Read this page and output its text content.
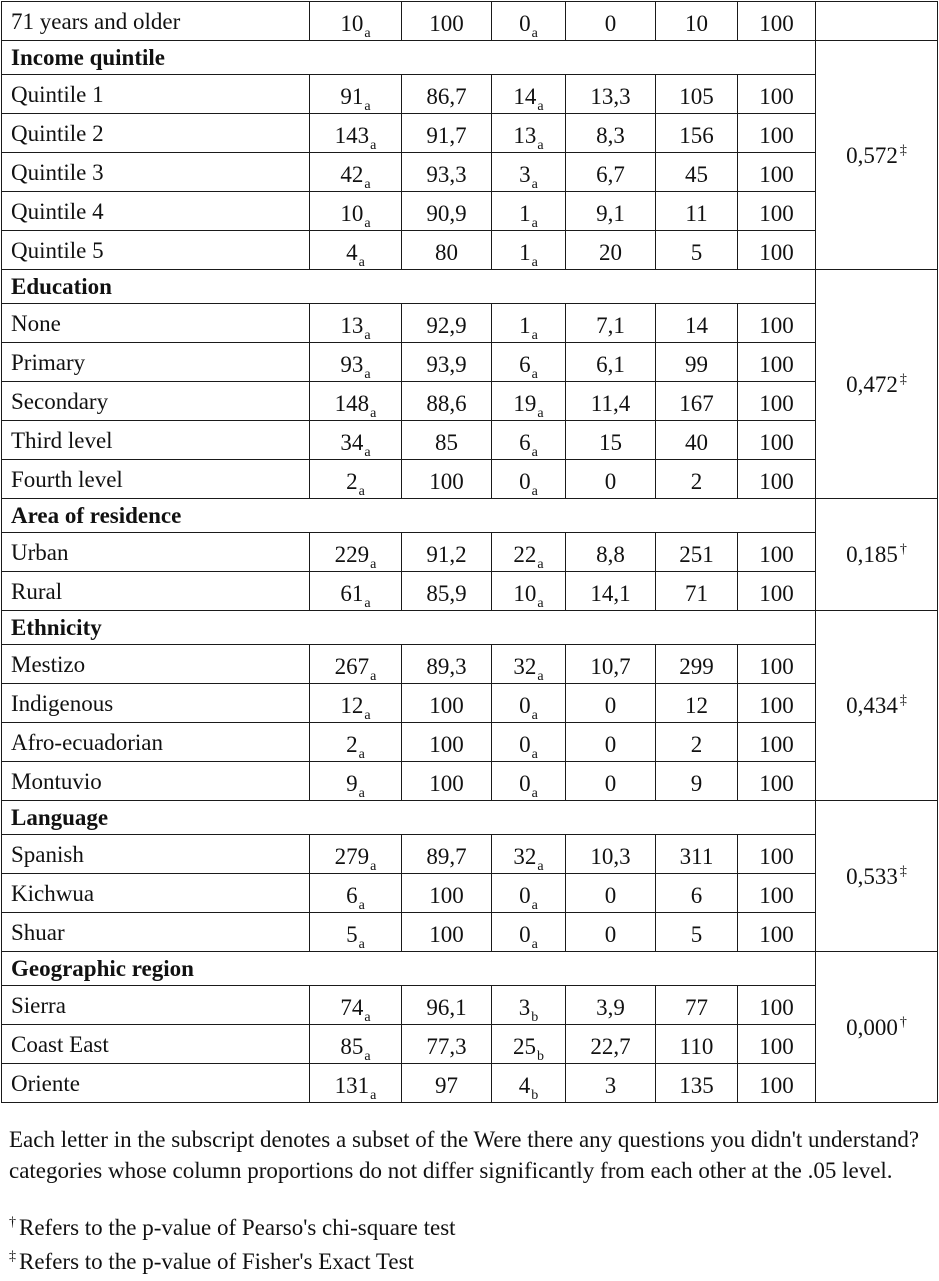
71 years and older	$10_a$	100	$0_a$	0	10	100	
Income quintile							0,572 ‡
Quintile 1	$91_a$	86,7	$14_a$	13,3	105	100	
Quintile 2	$143_a$	91,7	$13_a$	8,3	156	100	
Quintile 3	$42_a$	93,3	$3_a$	6,7	45	100	
Quintile 4	$10_a$	90,9	$1_a$	9,1	11	100	
Quintile 5	$4_a$	80	$1_a$	20	5	100	
Education							0,472 ‡
None	$13_a$	92,9	$1_a$	7,1	14	100	
Primary	$93_a$	93,9	$6_a$	6,1	99	100	
Secondary	$148_a$	88,6	$19_a$	11,4	167	100	
Third level	$34_a$	85	$6_a$	15	40	100	
Fourth level	$2_a$	100	$0_a$	0	2	100	
Area of residence							0,185 †
Urban	$229_a$	91,2	$22_a$	8,8	251	100	
Rural	$61_a$	85,9	$10_a$	14,1	71	100	
Ethnicity							0,434 ‡
Mestizo	$267_a$	89,3	$32_a$	10,7	299	100	
Indigenous	$12_a$	100	$0_a$	0	12	100	
Afro-ecuadorian	$2_a$	100	$0_a$	0	2	100	
Montuvio	$9_a$	100	$0_a$	0	9	100	
Language							0,533 ‡
Spanish	$279_a$	89,7	$32_a$	10,3	311	100	
Kichwua	$6_a$	100	$0_a$	0	6	100	
Shuar	$5_a$	100	$0_a$	0	5	100	
Geographic region							0,000 †
Sierra	$74_a$	96,1	$3_b$	3,9	77	100	
Coast East	$85_a$	77,3	$25_b$	22,7	110	100	
Oriente	$131_a$	97	$4_b$	3	135	100	
Each letter in the subscript denotes a subset of the Were there any questions you didn't understand? categories whose column proportions do not differ significantly from each other at the .05 level.
† Refers to the p-value of Pearso's chi-square test
‡ Refers to the p-value of Fisher's Exact Test
